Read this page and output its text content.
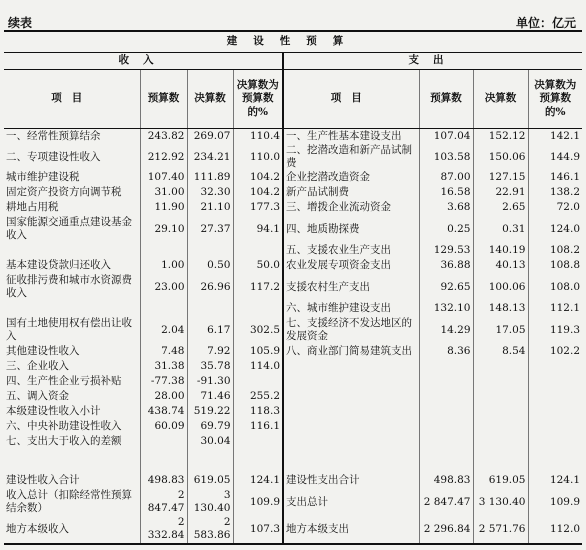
续表	单位：亿元
建设性预算							
收入				支出			
项目	预算数	决算数	决算数为预算数的%	项目	预算数	决算数	决算数为预算数的%
一、经常性预算结余	243.82	269.07	110.4	一、生产性基本建设支出	107.04	152.12	142.1
二、专项建设性收入	212.92	234.21	110.0	二、挖潜改造和新产品试制费	103.58	150.06	144.9
城市维护建设税	107.40	111.89	104.2	企业挖潜改造资金	87.00	127.15	146.1
固定资产投资方向调节税	31.00	32.30	104.2	新产品试制费	16.58	22.91	138.2
耕地占用税	11.90	21.10	177.3	三、增拨企业流动资金	3.68	2.65	72.0
国家能源交通重点建设基金收入	29.10	27.37	94.1	四、地质勘探费	0.25	0.31	124.0
				五、支援农业生产支出	129.53	140.19	108.2
基本建设贷款归还收入	1.00	0.50	50.0	农业发展专项资金支出	36.88	40.13	108.8
征收排污费和城市水资源费收入	23.00	26.96	117.2	支援农村生产支出	92.65	100.06	108.0
				六、城市维护建设支出	132.10	148.13	112.1
国有土地使用权有偿出让收入	2.04	6.17	302.5	七、支援经济不发达地区的发展资金	14.29	17.05	119.3
其他建设性收入	7.48	7.92	105.9	八、商业部门简易建筑支出	8.36	8.54	102.2
三、企业收入	31.38	35.78	114.0				
四、生产性企业亏损补贴	-77.38	-91.30					
五、调入资金	28.00	71.46	255.2				
本级建设性收入小计	438.74	519.22	118.3				
六、中央补助建设性收入	60.09	69.79	116.1				
七、支出大于收入的差额		30.04					

建设性收入合计	498.83	619.05	124.1	建设性支出合计	498.83	619.05	124.1
收入总计（扣除经常性预算结余数）	2 847.47	3 130.40	109.9	支出总计	2 847.47	3 130.40	109.9
地方本级收入	2 332.84	2 583.86	107.3	地方本级支出	2 296.84	2 571.76	112.0
